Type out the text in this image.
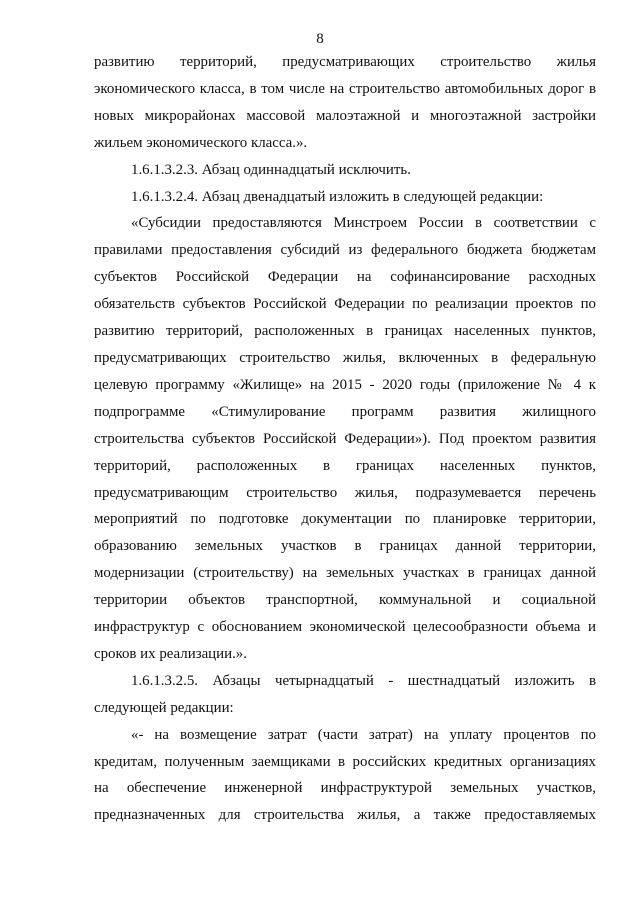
8
развитию территорий, предусматривающих строительство жилья
экономического класса, в том числе на строительство автомобильных дорог в
новых микрорайонах массовой малоэтажной и многоэтажной застройки
жильем экономического класса.».
1.6.1.3.2.3. Абзац одиннадцатый исключить.
1.6.1.3.2.4. Абзац двенадцатый изложить в следующей редакции:
«Субсидии предоставляются Минстроем России в соответствии с
правилами предоставления субсидий из федерального бюджета бюджетам
субъектов Российской Федерации на софинансирование расходных
обязательств субъектов Российской Федерации по реализации проектов по
развитию территорий, расположенных в границах населенных пунктов,
предусматривающих строительство жилья, включенных в федеральную
целевую программу «Жилище» на 2015 - 2020 годы (приложение № 4 к
подпрограмме «Стимулирование программ развития жилищного
строительства субъектов Российской Федерации»). Под проектом развития
территорий, расположенных в границах населенных пунктов,
предусматривающим строительство жилья, подразумевается перечень
мероприятий по подготовке документации по планировке территории,
образованию земельных участков в границах данной территории,
модернизации (строительству) на земельных участках в границах данной
территории объектов транспортной, коммунальной и социальной
инфраструктур с обоснованием экономической целесообразности объема и
сроков их реализации.».
1.6.1.3.2.5. Абзацы четырнадцатый - шестнадцатый изложить в
следующей редакции:
«- на возмещение затрат (части затрат) на уплату процентов по
кредитам, полученным заемщиками в российских кредитных организациях
на обеспечение инженерной инфраструктурой земельных участков,
предназначенных для строительства жилья, а также предоставляемых
